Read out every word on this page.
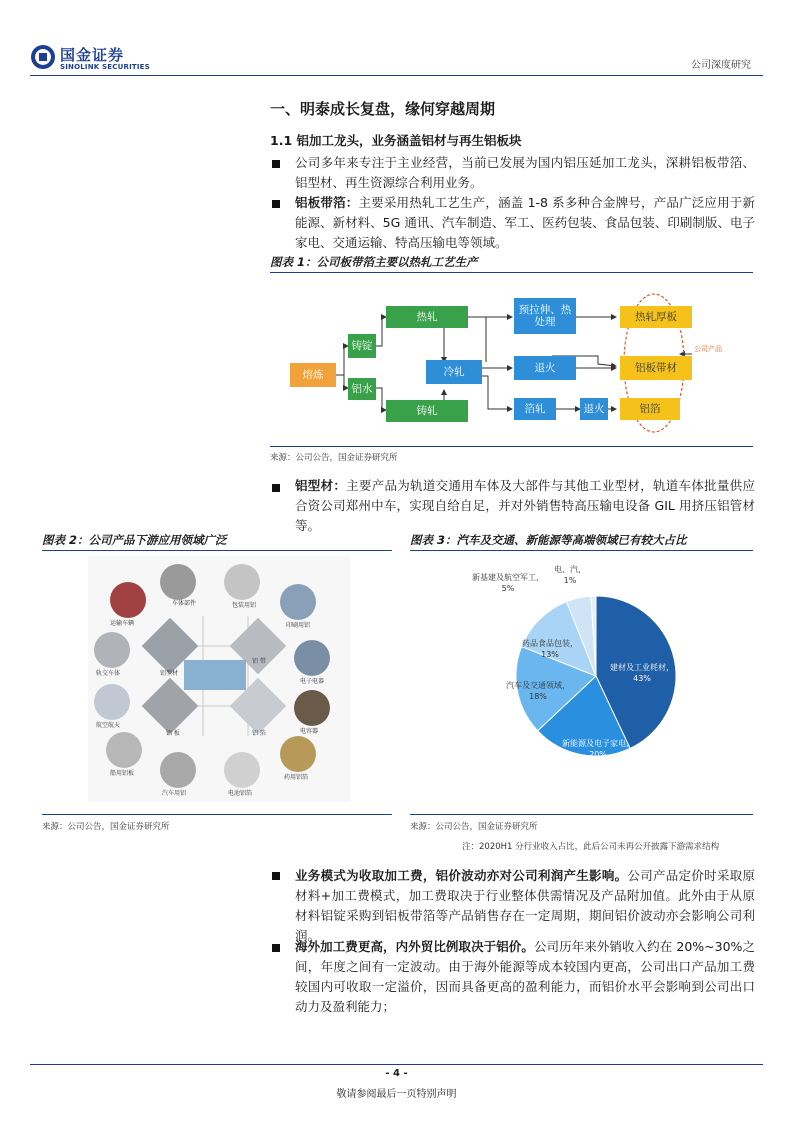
国金证券
SINOLINK SECURITIES	公司深度研究
一、明泰成长复盘，缘何穿越周期
1.1 铝加工龙头，业务涵盖铝材与再生铝板块
公司多年来专注于主业经营，当前已发展为国内铝压延加工龙头，深耕铝板带箔、铝型材、再生资源综合利用业务。
铝板带箔：主要采用热轧工艺生产，涵盖 1-8 系多种合金牌号，产品广泛应用于新能源、新材料、5G 通讯、汽车制造、军工、医药包装、食品包装、印刷制版、电子家电、交通运输、特高压输电等领域。
图表 1：公司板带箔主要以热轧工艺生产
熔炼
铸锭
铝水
热轧
铸轧
冷轧
预拉伸、热处理
退火
箔轧	退火
热轧厚板
铝板带材
铝箔
公司产品
来源：公司公告，国金证券研究所
铝型材：主要产品为轨道交通用车体及大部件与其他工业型材，轨道车体批量供应合资公司郑州中车，实现自给自足，并对外销售特高压输电设备 GIL 用挤压铝管材等。
图表 2：公司产品下游应用领域广泛
车体部件	包装用铝
印刷用铝
电子电器
电容器
药用铝箔
电池铝箔
汽车用铝
船用铝板
航空航天
轨交车体
运输车辆
铝型材
铝 带
铝 板	铝 箔
来源：公司公告，国金证券研究所
图表 3：汽车及交通、新能源等高端领域已有较大占比
建材及工业耗材，
43%
新能源及电子家电，
20%
汽车及交通领域，
18%
药品食品包装，
13%
新基建及航空军工，
5%
电、汽，
1%
来源：公司公告，国金证券研究所
注：2020H1 分行业收入占比，此后公司未再公开披露下游需求结构
业务模式为收取加工费，铝价波动亦对公司利润产生影响。公司产品定价时采取原材料+加工费模式，加工费取决于行业整体供需情况及产品附加值。此外由于从原材料铝锭采购到铝板带箔等产品销售存在一定周期，期间铝价波动亦会影响公司利润。
海外加工费更高，内外贸比例取决于铝价。公司历年来外销收入约在 20%~30%之间，年度之间有一定波动。由于海外能源等成本较国内更高，公司出口产品加工费较国内可收取一定溢价，因而具备更高的盈利能力，而铝价水平会影响到公司出口动力及盈利能力；
- 4 -
敬请参阅最后一页特别声明
